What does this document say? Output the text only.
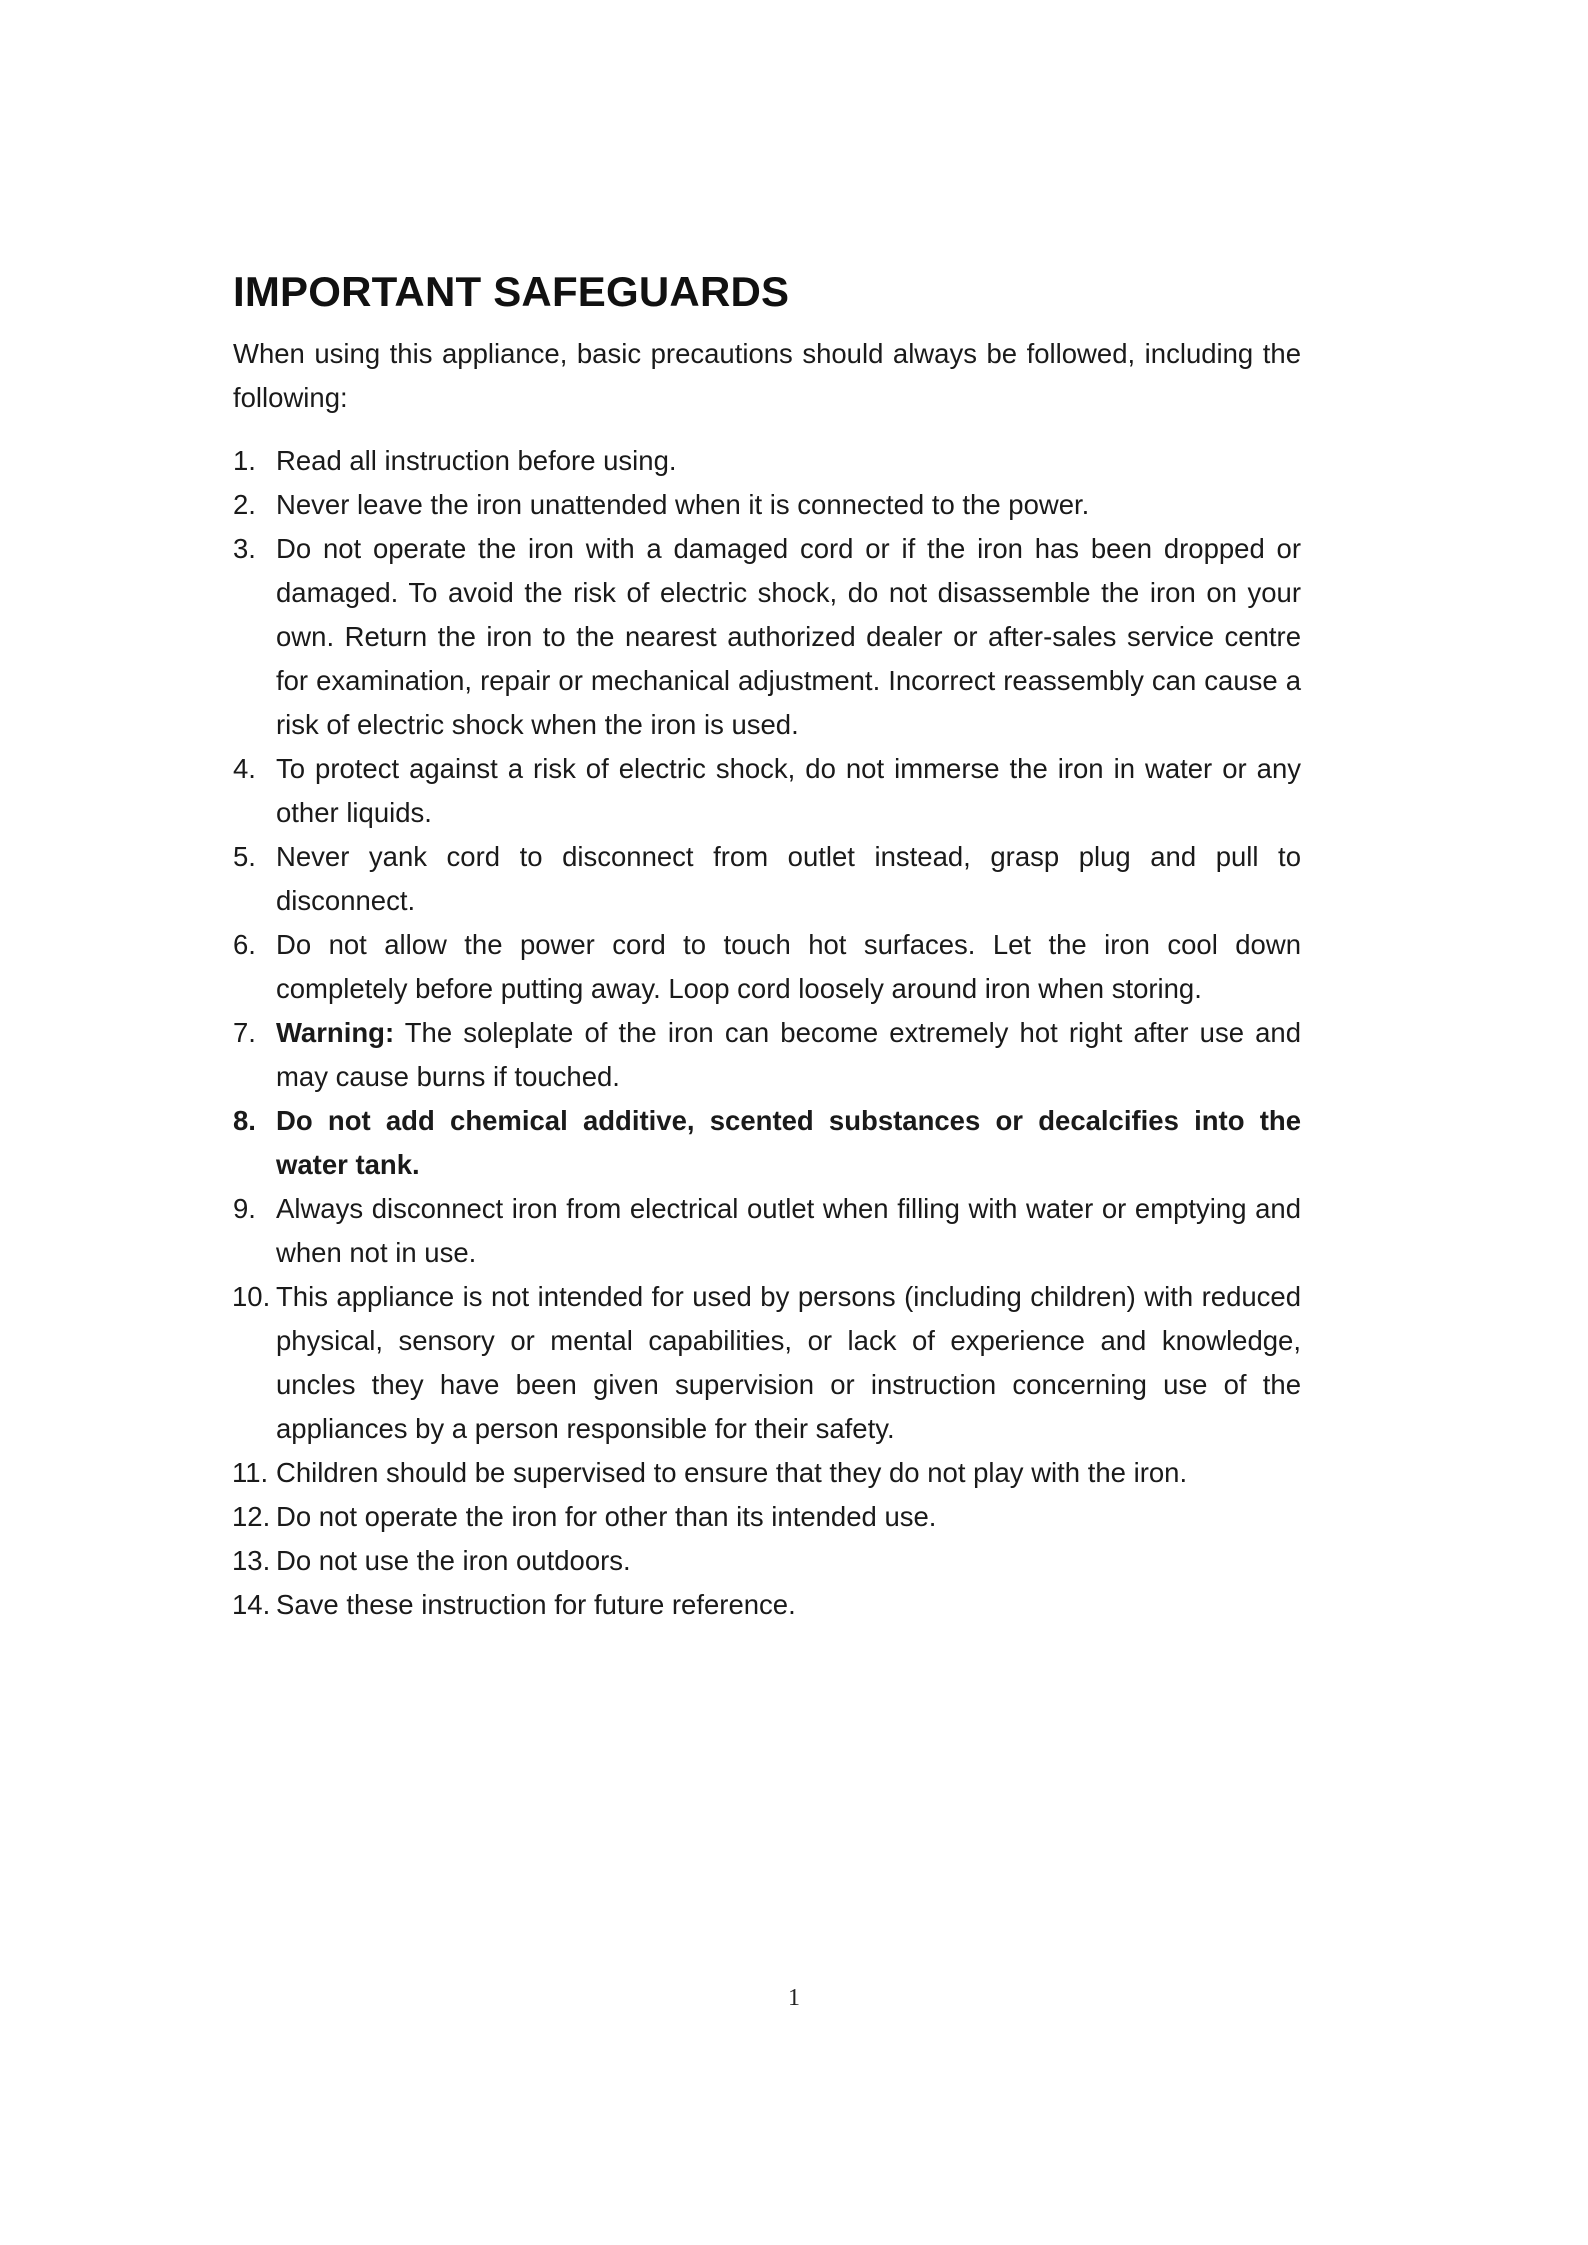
IMPORTANT SAFEGUARDS

When using this appliance, basic precautions should always be followed, including the following:

1. Read all instruction before using.
2. Never leave the iron unattended when it is connected to the power.
3. Do not operate the iron with a damaged cord or if the iron has been dropped or damaged. To avoid the risk of electric shock, do not disassemble the iron on your own. Return the iron to the nearest authorized dealer or after-sales service centre for examination, repair or mechanical adjustment. Incorrect reassembly can cause a risk of electric shock when the iron is used.
4. To protect against a risk of electric shock, do not immerse the iron in water or any other liquids.
5. Never yank cord to disconnect from outlet instead, grasp plug and pull to disconnect.
6. Do not allow the power cord to touch hot surfaces. Let the iron cool down completely before putting away. Loop cord loosely around iron when storing.
7. Warning: The soleplate of the iron can become extremely hot right after use and may cause burns if touched.
8. Do not add chemical additive, scented substances or decalcifies into the water tank.
9. Always disconnect iron from electrical outlet when filling with water or emptying and when not in use.
10. This appliance is not intended for used by persons (including children) with reduced physical, sensory or mental capabilities, or lack of experience and knowledge, uncles they have been given supervision or instruction concerning use of the appliances by a person responsible for their safety.
11. Children should be supervised to ensure that they do not play with the iron.
12. Do not operate the iron for other than its intended use.
13. Do not use the iron outdoors.
14. Save these instruction for future reference.
1
